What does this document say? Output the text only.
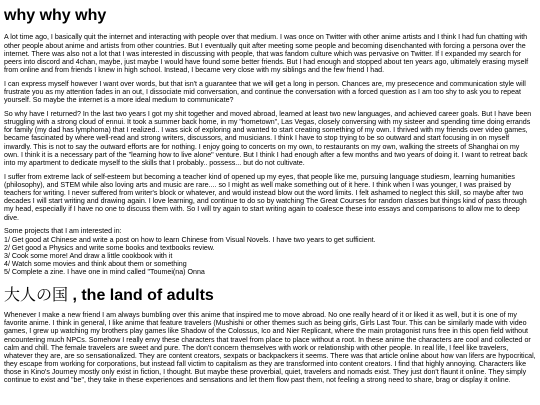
why why why

A lot time ago, I basically quit the internet and interacting with people over that medium. I was once on Twitter with other anime artists and I think I had fun chatting with other people about anime and artists from other countries. But I eventually quit after meeting some people and becoming disenchanted with forcing a persona over the internet. There was also not a lot that I was interested in discussing with people, that was fandom culture which was pervasive on Twitter. If I expanded my search for peers into discord and 4chan, maybe, just maybe I would have found some better friends. But I had enough and stopped about ten years ago, ultimately erasing myself from online and from friends I knew in high school. Instead, I became very close with my siblings and the few friend I had.

I can express myself however I want over words, but that isn't a guarantee that we will get a long in person. Chances are, my presecence and communication style will frustrate you as my attention fades in an out, I dissociate mid conversation, and continue the conversation with a forced question as I am too shy to ask you to repeat yourself. So maybe the internet is a more ideal medium to communicate?

So why have I returned? In the last two years I got my shit together and moved abroad, learned at least two new languages, and achieved career goals. But I have been struggling with a strong cloud of ennui. It took a summer back home, in my "hometown", Las Vegas, closely conversing with my sisteer and spending time doing errands for family (my dad has lymphoma) that I realized.. I was sick of exploring and wanted to start creating something of my own. I thrived with my friends over video games, became fascinated by where well-read and strong writers, discussors, and musicians. I think I have to stop trying to be so outward and start focusing in on myself inwardly. This is not to say the outward efforts are for nothing. I enjoy going to concerts on my own, to restaurants on my own, walking the streets of Shanghai on my own. I think it is a necessary part of the "learning how to live alone" venture. But I think I had enough after a few months and two years of doing it. I want to retreat back into my apartment to dedicate myself to the skills that I probably.. possess... but do not cultivate.

I suffer from extreme lack of self-esteem but becoming a teacher kind of opened up my eyes, that people like me, pursuing language studiesm, learning humanities (philosophy), and STEM while also loving arts and music are rare.... so I might as well make something out of it here. I think when I was younger, I was praised by teachers for writing. I never suffered from writer's block or whatever, and would instead blow out the word limits. I felt ashamed to neglect this skill, so maybe after two decades I will start writing and drawing again. I love learning, and continue to do so by watching The Great Courses for random classes but things kind of pass through my head, especially if I have no one to discuss them with. So I will try again to start writing again to coalesce these into essays and comparisons to allow me to deep dive.

Some projects that I am interested in:
1/ Get good at Chinese and write a post on how to learn Chinese from Visual Novels. I have two years to get sufficient.
2/ Get good a Physics and write some books and textbooks review.
3/ Cook some more! And draw a little cookbook with it
4/ Watch some movies and think about them or something
5/ Complete a zine. I have one in mind called "Toumei(na) Onna
大人の国 , the land of adults

Whenever I make a new friend I am always bumbling over this anime that inspired me to move abroad. No one really heard of it or liked it as well, but it is one of my favorite anime. I think in general, I like anime that feature travelers (Mushishi or other themes such as being girls, Girls Last Tour. This can be similarly made with video games, I grew up watching my brothers play games like Shadow of the Colossus, Ico and Nier Replicant, where the main protagonist runs free in this open field without encountering much NPCs. Somehow I really envy these characters that travel from place to place without a root. In these anime the characters are cool and collected or calm and chill. The female travelers are sweet and pure. The don't concern themselves with work or relationship with other people. In real life, I feel like travelers, whatever they are, are so sensationalized. They are content creators, sexpats or backpackers it seems. There was that article online about how van lifers are hypocritical, they escape from working for corporations, but instead fall victim to capitalism as they are transformed into content creators. I find that highly annoying. Characters like those in Kino's Journey mostly only exist in fiction, I thought. But maybe these proverbial, quiet, travelers and nomads exist. They just don't flaunt it online. They simply continue to exist and "be", they take in these experiences and sensations and let them flow past them, not feeling a strong need to share, brag or display it online.
